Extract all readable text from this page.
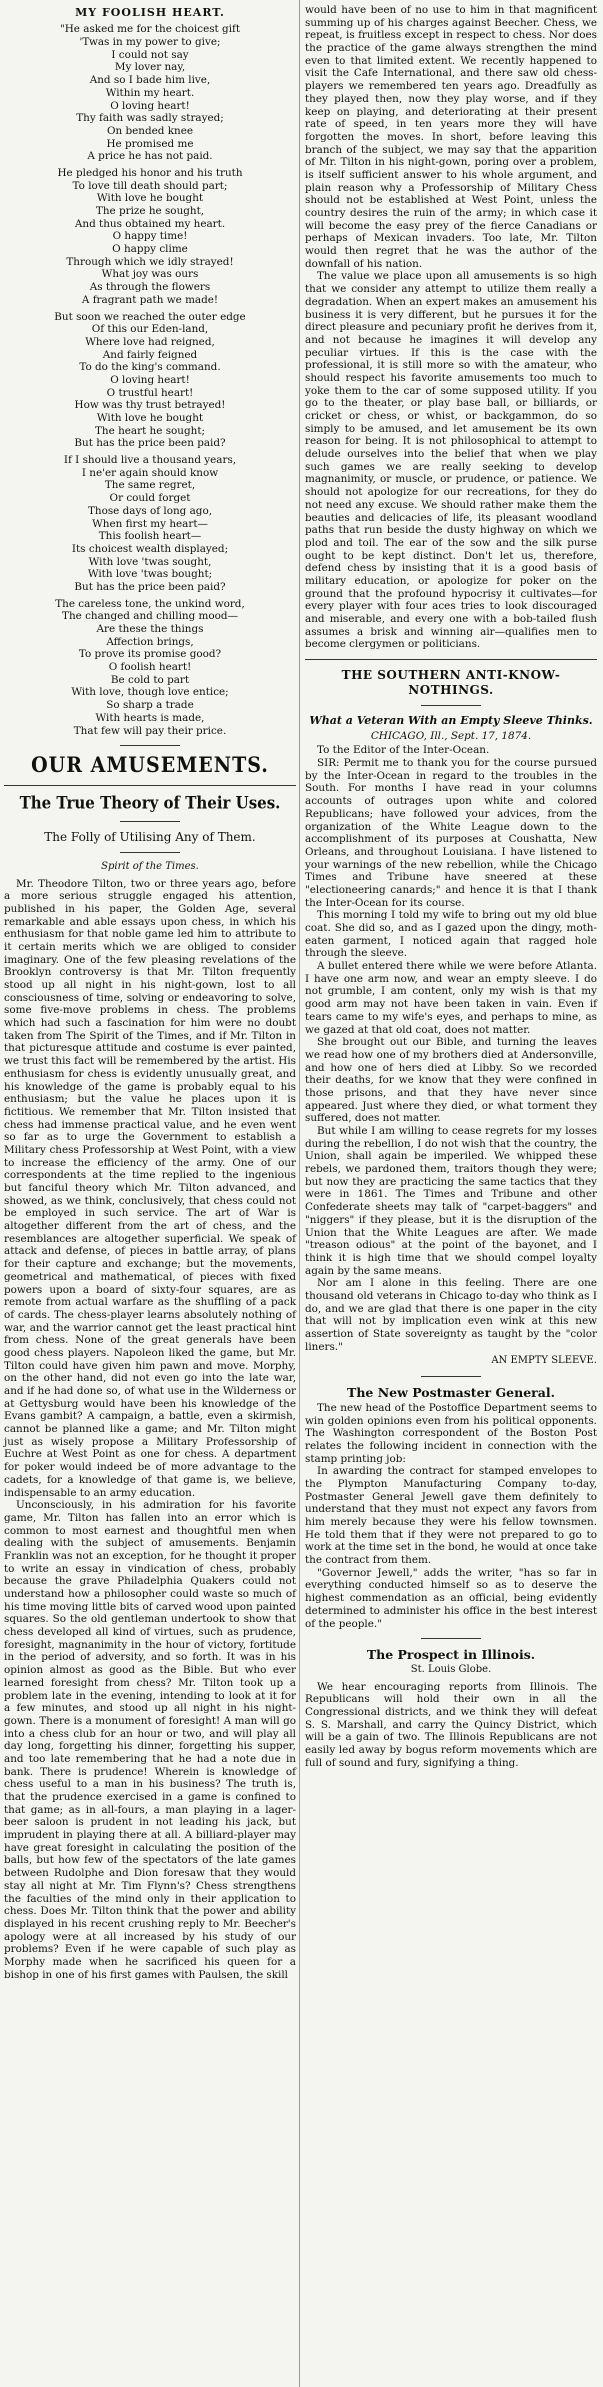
MY FOOLISH HEART.
"He asked me for the choicest gift
'Twas in my power to give;
I could not say
My lover nay,
And so I bade him live,
Within my heart.
O loving heart!
Thy faith was sadly strayed;
On bended knee
He promised me
A price he has not paid.
He pledged his honor and his truth
To love till death should part;
With love he bought
The prize he sought,
And thus obtained my heart.
O happy time!
O happy clime
Through which we idly strayed!
What joy was ours
As through the flowers
A fragrant path we made!
But soon we reached the outer edge
Of this our Eden-land,
Where love had reigned,
And fairly feigned
To do the king's command.
O loving heart!
O trustful heart!
How was thy trust betrayed!
With love he bought
The heart he sought;
But has the price been paid?
If I should live a thousand years,
I ne'er again should know
The same regret,
Or could forget
Those days of long ago,
When first my heart—
This foolish heart—
Its choicest wealth displayed;
With love 'twas sought,
With love 'twas bought;
But has the price been paid?
The careless tone, the unkind word,
The changed and chilling mood—
Are these the things
Affection brings,
To prove its promise good?
O foolish heart!
Be cold to part
With love, though love entice;
So sharp a trade
With hearts is made,
That few will pay their price.
OUR AMUSEMENTS.
The True Theory of Their Uses.
The Folly of Utilising Any of Them.
Spirit of the Times.

Mr. Theodore Tilton, two or three years ago, before a more serious struggle engaged his attention, published in his paper, the Golden Age, several remarkable and able essays upon chess, in which his enthusiasm for that noble game led him to attribute to it certain merits which we are obliged to consider imaginary. One of the few pleasing revelations of the Brooklyn controversy is that Mr. Tilton frequently stood up all night in his night-gown, lost to all consciousness of time, solving or endeavoring to solve, some five-move problems in chess. The problems which had such a fascination for him were no doubt taken from The Spirit of the Times, and if Mr. Tilton in that picturesque attitude and costume is ever painted, we trust this fact will be remembered by the artist. His enthusiasm for chess is evidently unusually great, and his knowledge of the game is probably equal to his enthusiasm; but the value he places upon it is fictitious. We remember that Mr. Tilton insisted that chess had immense practical value, and he even went so far as to urge the Government to establish a Military chess Professorship at West Point, with a view to increase the efficiency of the army. One of our correspondents at the time replied to the ingenious but fanciful theory which Mr. Tilton advanced, and showed, as we think, conclusively, that chess could not be employed in such service. The art of War is altogether different from the art of chess, and the resemblances are altogether superficial. We speak of attack and defense, of pieces in battle array, of plans for their capture and exchange; but the movements, geometrical and mathematical, of pieces with fixed powers upon a board of sixty-four squares, are as remote from actual warfare as the shuffling of a pack of cards. The chess-player learns absolutely nothing of war, and the warrior cannot get the least practical hint from chess. None of the great generals have been good chess players. Napoleon liked the game, but Mr. Tilton could have given him pawn and move. Morphy, on the other hand, did not even go into the late war, and if he had done so, of what use in the Wilderness or at Gettysburg would have been his knowledge of the Evans gambit? A campaign, a battle, even a skirmish, cannot be planned like a game; and Mr. Tilton might just as wisely propose a Military Professorship of Euchre at West Point as one for chess. A department for poker would indeed be of more advantage to the cadets, for a knowledge of that game is, we believe, indispensable to an army education.

Unconsciously, in his admiration for his favorite game, Mr. Tilton has fallen into an error which is common to most earnest and thoughtful men when dealing with the subject of amusements. Benjamin Franklin was not an exception, for he thought it proper to write an essay in vindication of chess, probably because the grave Philadelphia Quakers could not understand how a philosopher could waste so much of his time moving little bits of carved wood upon painted squares. So the old gentleman undertook to show that chess developed all kind of virtues, such as prudence, foresight, magnanimity in the hour of victory, fortitude in the period of adversity, and so forth. It was in his opinion almost as good as the Bible. But who ever learned foresight from chess? Mr. Tilton took up a problem late in the evening, intending to look at it for a few minutes, and stood up all night in his night-gown. There is a monument of foresight! A man will go into a chess club for an hour or two, and will play all day long, forgetting his dinner, forgetting his supper, and too late remembering that he had a note due in bank. There is prudence! Wherein is knowledge of chess useful to a man in his business? The truth is, that the prudence exercised in a game is confined to that game; as in all-fours, a man playing in a lager-beer saloon is prudent in not leading his jack, but imprudent in playing there at all. A billiard-player may have great foresight in calculating the position of the balls, but how few of the spectators of the late games between Rudolphe and Dion foresaw that they would stay all night at Mr. Tim Flynn's? Chess strengthens the faculties of the mind only in their application to chess. Does Mr. Tilton think that the power and ability displayed in his recent crushing reply to Mr. Beecher's apology were at all increased by his study of our problems? Even if he were capable of such play as Morphy made when he sacrificed his queen for a bishop in one of his first games with Paulsen, the skill

would have been of no use to him in that magnificent summing up of his charges against Beecher. Chess, we repeat, is fruitless except in respect to chess. Nor does the practice of the game always strengthen the mind even to that limited extent. We recently happened to visit the Cafe International, and there saw old chess-players we remembered ten years ago. Dreadfully as they played then, now they play worse, and if they keep on playing, and deteriorating at their present rate of speed, in ten years more they will have forgotten the moves. In short, before leaving this branch of the subject, we may say that the apparition of Mr. Tilton in his night-gown, poring over a problem, is itself sufficient answer to his whole argument, and plain reason why a Professorship of Military Chess should not be established at West Point, unless the country desires the ruin of the army; in which case it will become the easy prey of the fierce Canadians or perhaps of Mexican invaders. Too late, Mr. Tilton would then regret that he was the author of the downfall of his nation.

The value we place upon all amusements is so high that we consider any attempt to utilize them really a degradation. When an expert makes an amusement his business it is very different, but he pursues it for the direct pleasure and pecuniary profit he derives from it, and not because he imagines it will develop any peculiar virtues. If this is the case with the professional, it is still more so with the amateur, who should respect his favorite amusements too much to yoke them to the car of some supposed utility. If you go to the theater, or play base ball, or billiards, or cricket or chess, or whist, or backgammon, do so simply to be amused, and let amusement be its own reason for being. It is not philosophical to attempt to delude ourselves into the belief that when we play such games we are really seeking to develop magnanimity, or muscle, or prudence, or patience. We should not apologize for our recreations, for they do not need any excuse. We should rather make them the beauties and delicacies of life, its pleasant woodland paths that run beside the dusty highway on which we plod and toil. The ear of the sow and the silk purse ought to be kept distinct. Don't let us, therefore, defend chess by insisting that it is a good basis of military education, or apologize for poker on the ground that the profound hypocrisy it cultivates—for every player with four aces tries to look discouraged and miserable, and every one with a bob-tailed flush assumes a brisk and winning air—qualifies men to become clergymen or politicians.

THE SOUTHERN ANTI-KNOW-NOTHINGS.
What a Veteran With an Empty Sleeve Thinks.
CHICAGO, Ill., Sept. 17, 1874.

To the Editor of the Inter-Ocean.

SIR: Permit me to thank you for the course pursued by the Inter-Ocean in regard to the troubles in the South. For months I have read in your columns accounts of outrages upon white and colored Republicans; have followed your advices, from the organization of the White League down to the accomplishment of its purposes at Coushatta, New Orleans, and throughout Louisiana. I have listened to your warnings of the new rebellion, while the Chicago Times and Tribune have sneered at these "electioneering canards;" and hence it is that I thank the Inter-Ocean for its course.

This morning I told my wife to bring out my old blue coat. She did so, and as I gazed upon the dingy, moth-eaten garment, I noticed again that ragged hole through the sleeve.

A bullet entered there while we were before Atlanta. I have one arm now, and wear an empty sleeve. I do not grumble, I am content, only my wish is that my good arm may not have been taken in vain. Even if tears came to my wife's eyes, and perhaps to mine, as we gazed at that old coat, does not matter.

She brought out our Bible, and turning the leaves we read how one of my brothers died at Andersonville, and how one of hers died at Libby. So we recorded their deaths, for we know that they were confined in those prisons, and that they have never since appeared. Just where they died, or what torment they suffered, does not matter.

But while I am willing to cease regrets for my losses during the rebellion, I do not wish that the country, the Union, shall again be imperiled. We whipped these rebels, we pardoned them, traitors though they were; but now they are practicing the same tactics that they were in 1861. The Times and Tribune and other Confederate sheets may talk of "carpet-baggers" and "niggers" if they please, but it is the disruption of the Union that the White Leagues are after. We made "treason odious" at the point of the bayonet, and I think it is high time that we should compel loyalty again by the same means.

Nor am I alone in this feeling. There are one thousand old veterans in Chicago to-day who think as I do, and we are glad that there is one paper in the city that will not by implication even wink at this new assertion of State sovereignty as taught by the "color liners."

AN EMPTY SLEEVE.
The New Postmaster General.

The new head of the Postoffice Department seems to win golden opinions even from his political opponents. The Washington correspondent of the Boston Post relates the following incident in connection with the stamp printing job:

In awarding the contract for stamped envelopes to the Plympton Manufacturing Company to-day, Postmaster General Jewell gave them definitely to understand that they must not expect any favors from him merely because they were his fellow townsmen. He told them that if they were not prepared to go to work at the time set in the bond, he would at once take the contract from them.

"Governor Jewell," adds the writer, "has so far in everything conducted himself so as to deserve the highest commendation as an official, being evidently determined to administer his office in the best interest of the people."

The Prospect in Illinois.
St. Louis Globe.

We hear encouraging reports from Illinois. The Republicans will hold their own in all the Congressional districts, and we think they will defeat S. S. Marshall, and carry the Quincy District, which will be a gain of two. The Illinois Republicans are not easily led away by bogus reform movements which are full of sound and fury, signifying a thing.
